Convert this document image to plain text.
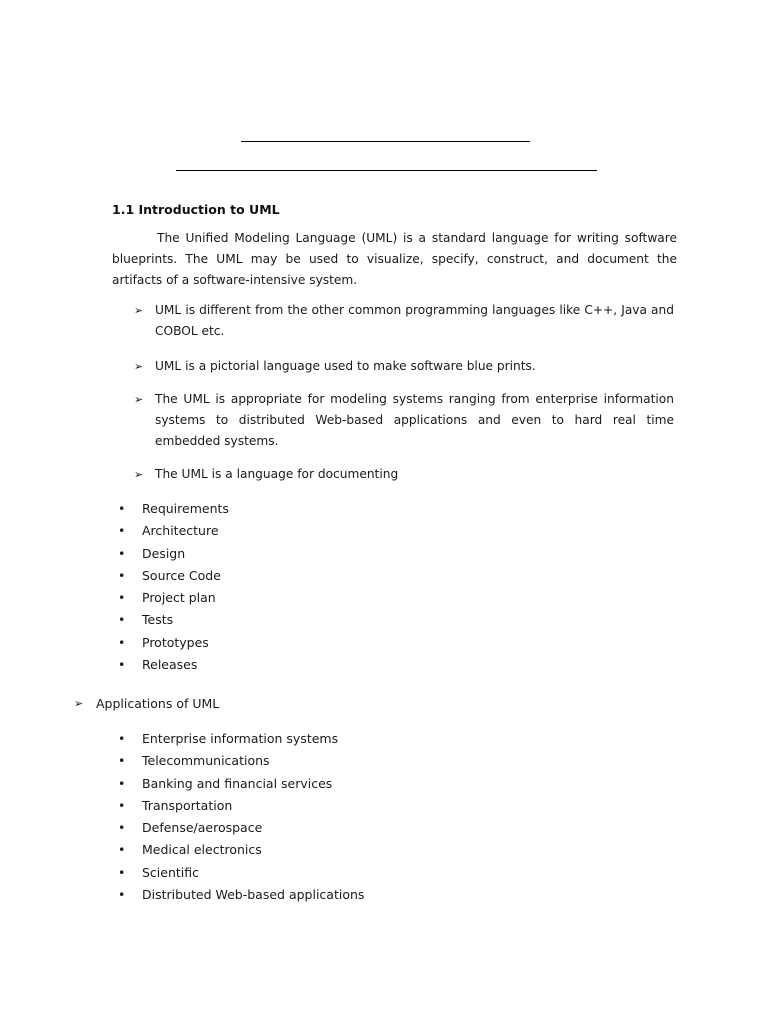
1.1 Introduction to UML
The Unified Modeling Language (UML) is a standard language for writing software blueprints. The UML may be used to visualize, specify, construct, and document the artifacts of a software-intensive system.
➢ UML is different from the other common programming languages like C++, Java and COBOL etc.
➢ UML is a pictorial language used to make software blue prints.
➢ The UML is appropriate for modeling systems ranging from enterprise information systems to distributed Web-based applications and even to hard real time embedded systems.
➢ The UML is a language for documenting
• Requirements
• Architecture
• Design
• Source Code
• Project plan
• Tests
• Prototypes
• Releases
➢ Applications of UML
• Enterprise information systems
• Telecommunications
• Banking and financial services
• Transportation
• Defense/aerospace
• Medical electronics
• Scientific
• Distributed Web-based applications
